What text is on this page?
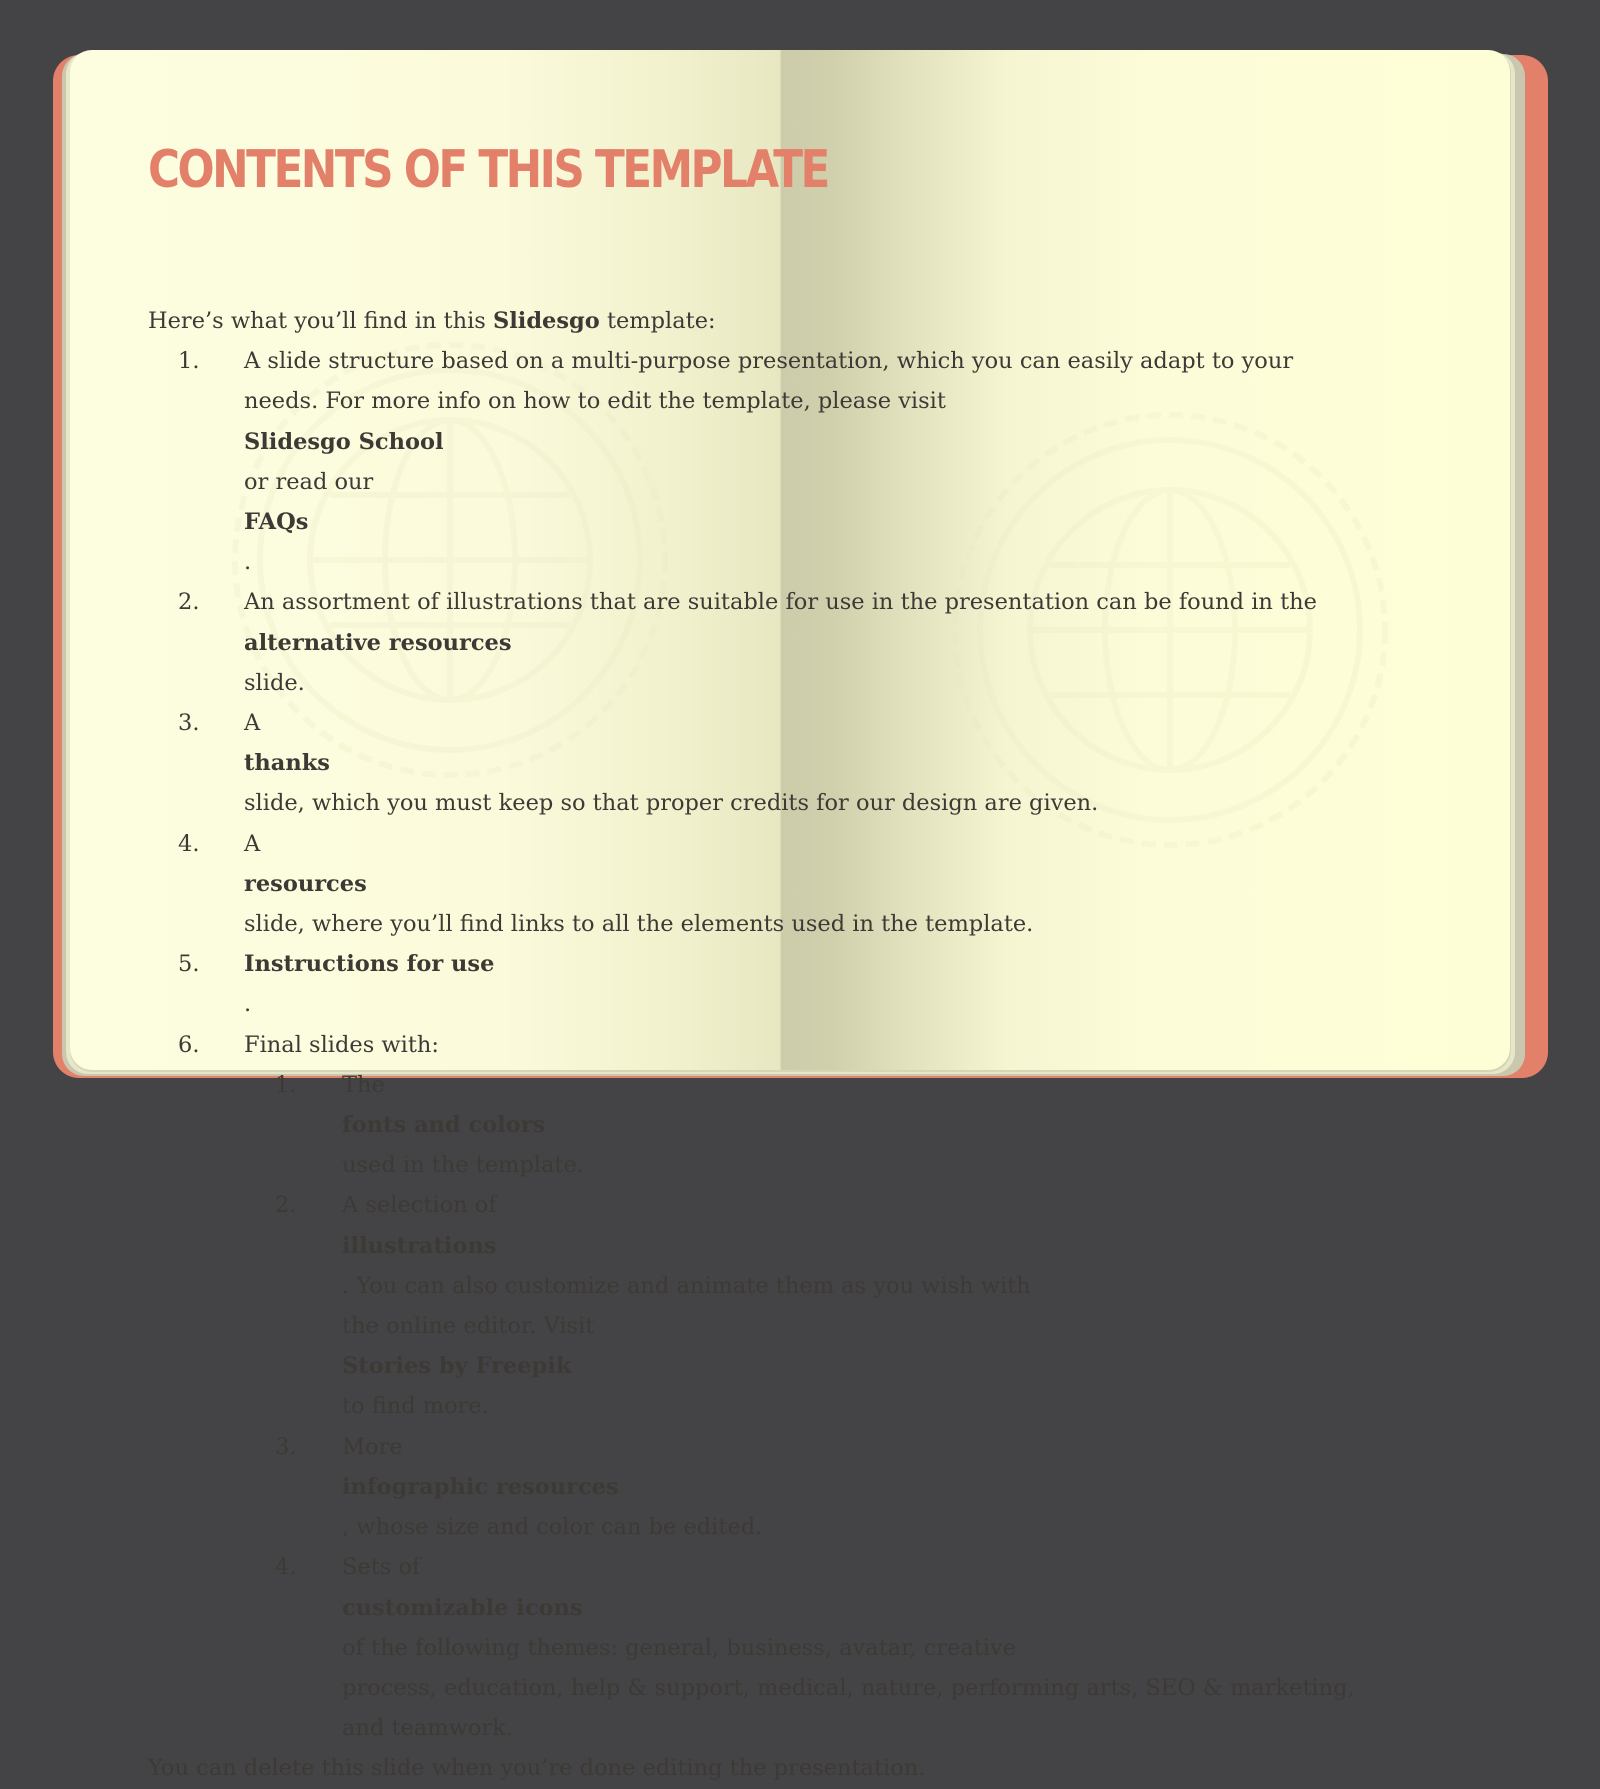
CONTENTS OF THIS TEMPLATE

Here’s what you’ll find in this Slidesgo template:

1. A slide structure based on a multi-purpose presentation, which you can easily adapt to your
needs. For more info on how to edit the template, please visit
Slidesgo School
or read our
FAQs
.
2. An assortment of illustrations that are suitable for use in the presentation can be found in the
alternative resources
slide.
3. A
thanks
slide, which you must keep so that proper credits for our design are given.
4. A
resources
slide, where you’ll find links to all the elements used in the template.
5. Instructions for use
.
6. Final slides with:
1. The
fonts and colors
used in the template.
2. A selection of
illustrations
. You can also customize and animate them as you wish with
the online editor. Visit
Stories by Freepik
to find more.
3. More
infographic resources
, whose size and color can be edited.
4. Sets of
customizable icons
of the following themes: general, business, avatar, creative
process, education, help & support, medical, nature, performing arts, SEO & marketing,
and teamwork.

You can delete this slide when you’re done editing the presentation.
